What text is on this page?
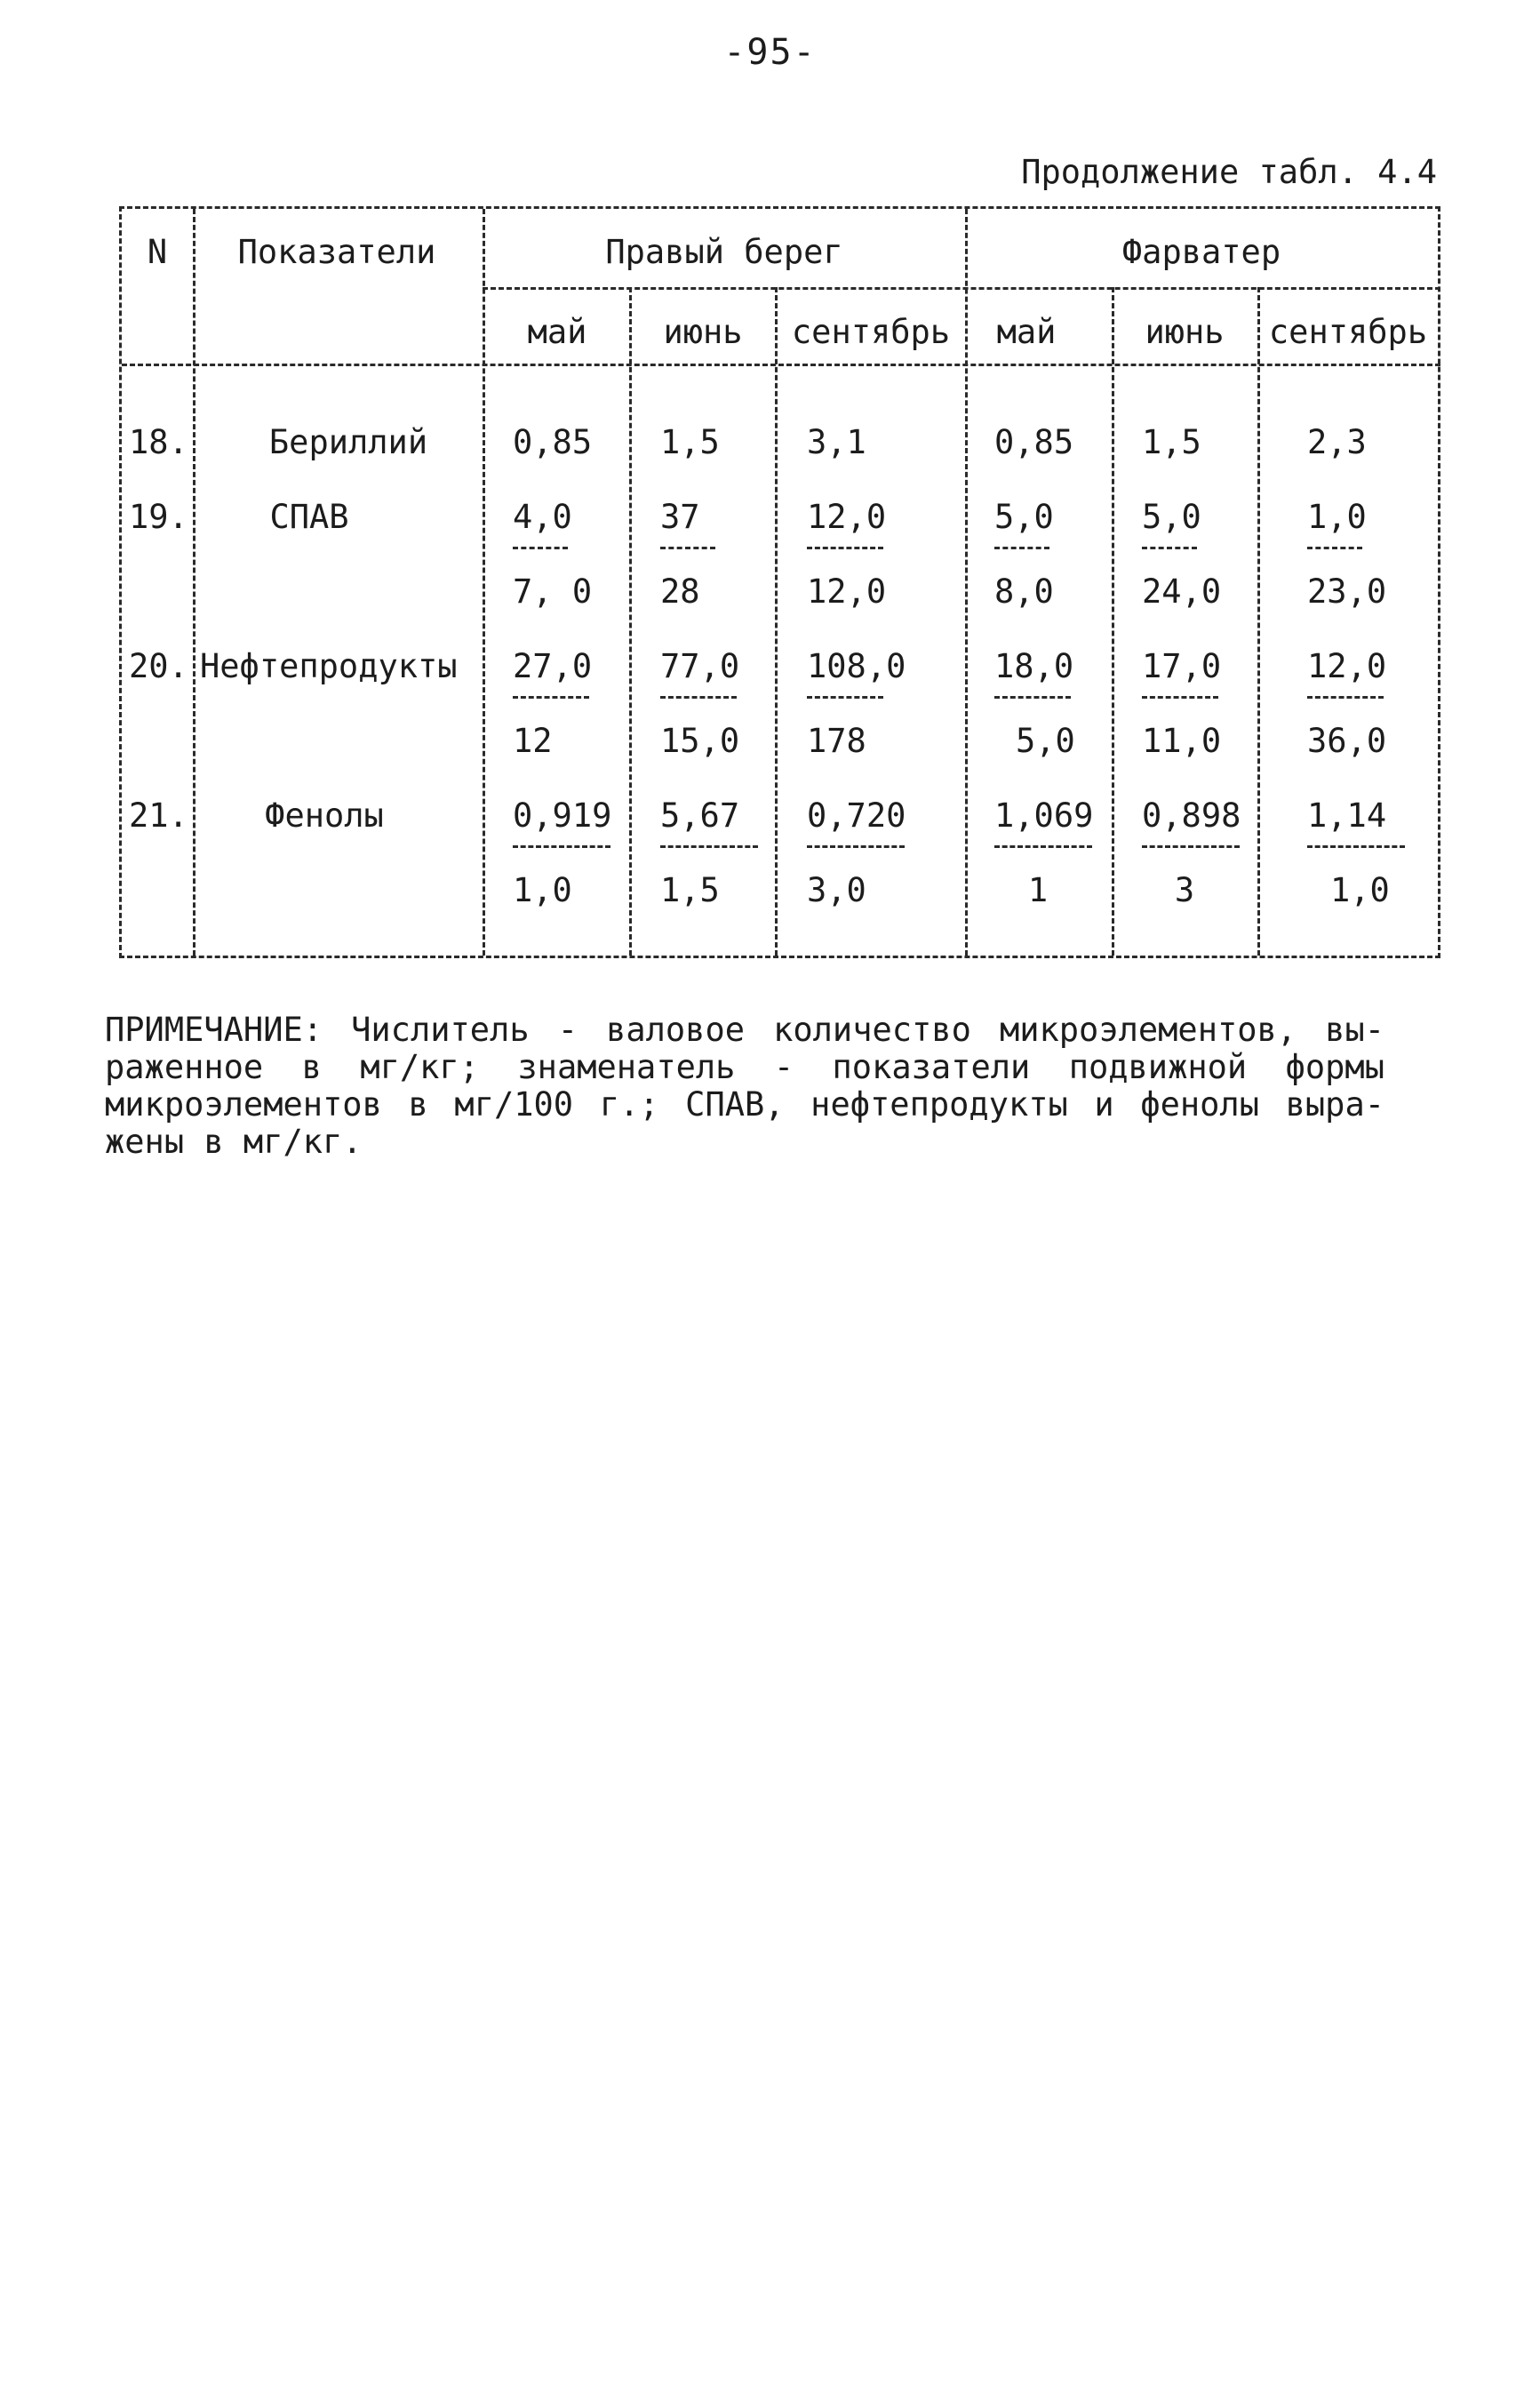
-95-
Продолжение табл. 4.4
N Показатели	Правый берег	Фарватер
май июнь сентябрь май	июнь сентябрь
18. Бериллий	0,85 1,5	3,1	0,85 1,5	2,3
19. СПАВ	4,0	37	12,0	5,0	5,0	1,0
7, 0 28	12,0	8,0	24,0	23,0
20. Нефтепродукты 27,0 77,0 108,0	18,0 17,0	12,0
12	15,0 178	5,0 11,0	36,0
21. Фенолы	0,919 5,67 0,720	1,069 0,898 1,14
1,0	1,5	3,0	1	3	1,0
ПРИМЕЧАНИЕ: Числитель - валовое количество микроэлементов, вы-
раженное в мг/кг; знаменатель - показатели подвижной формы
микроэлементов в мг/100 г.; СПАВ, нефтепродукты и фенолы выра-
жены в мг/кг.
